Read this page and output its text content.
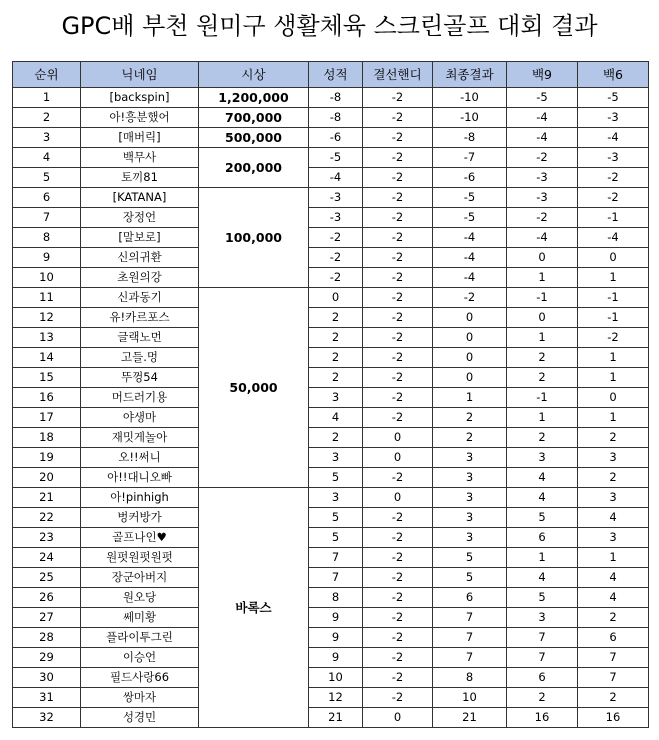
GPC배 부천 원미구 생활체육 스크린골프 대회 결과
순위	닉네임	시상	성적	결선핸디	최종결과	백9	백6
1	[backspin]	1,200,000	-8	-2	-10	-5	-5
2	아!흥분했어	700,000	-8	-2	-10	-4	-3
3	[매버릭]	500,000	-6	-2	-8	-4	-4
4	백무사	200,000	-5	-2	-7	-2	-3
5	토끼81		-4	-2	-6	-3	-2
6	[KATANA]	100,000	-3	-2	-5	-3	-2
7	장정언		-3	-2	-5	-2	-1
8	[말보로]		-2	-2	-4	-4	-4
9	신의귀환		-2	-2	-4	0	0
10	초원의강		-2	-2	-4	1	1
11	신과동기	50,000	0	-2	-2	-1	-1
12	유!카르포스		2	-2	0	0	-1
13	글랙노먼		2	-2	0	1	-2
14	고들.멍		2	-2	0	2	1
15	뚜껑54		2	-2	0	2	1
16	머드러기용		3	-2	1	-1	0
17	야생마		4	-2	2	1	1
18	재밋게놀아		2	0	2	2	2
19	오!!써니		3	0	3	3	3
20	아!!대니오빠		5	-2	3	4	2
21	아!pinhigh	바록스	3	0	3	4	3
22	벙커방가		5	-2	3	5	4
23	골프나인♥		5	-2	3	6	3
24	원펏원펏원펏		7	-2	5	1	1
25	장군아버지		7	-2	5	4	4
26	원오당		8	-2	6	5	4
27	쎄미황		9	-2	7	3	2
28	플라이투그린		9	-2	7	7	6
29	이승언		9	-2	7	7	7
30	필드사랑66		10	-2	8	6	7
31	쌍마자		12	-2	10	2	2
32	성경민		21	0	21	16	16
